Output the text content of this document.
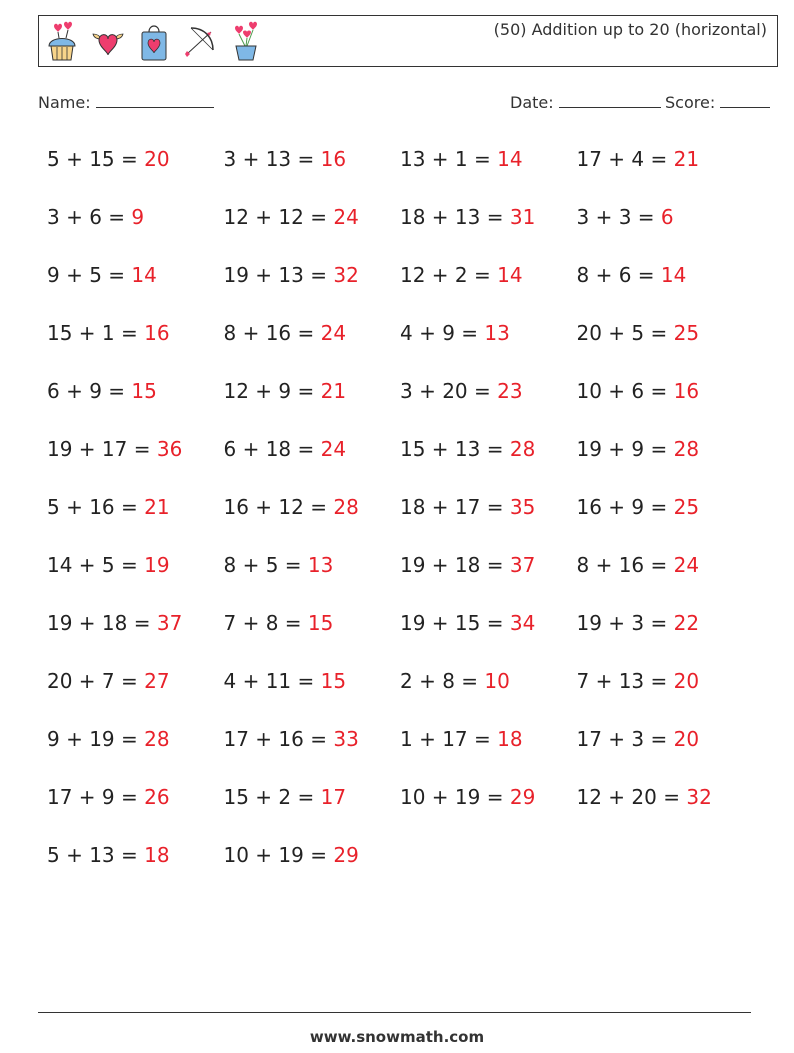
(50) Addition up to 20 (horizontal)
Name:	Date:	Score:
5 + 15 = 20
3 + 6 = 9
9 + 5 = 14
15 + 1 = 16
6 + 9 = 15
19 + 17 = 36
5 + 16 = 21
14 + 5 = 19
19 + 18 = 37
20 + 7 = 27
9 + 19 = 28
17 + 9 = 26
5 + 13 = 18
3 + 13 = 16
12 + 12 = 24
19 + 13 = 32
8 + 16 = 24
12 + 9 = 21
6 + 18 = 24
16 + 12 = 28
8 + 5 = 13
7 + 8 = 15
4 + 11 = 15
17 + 16 = 33
15 + 2 = 17
10 + 19 = 29
13 + 1 = 14
18 + 13 = 31
12 + 2 = 14
4 + 9 = 13
3 + 20 = 23
15 + 13 = 28
18 + 17 = 35
19 + 18 = 37
19 + 15 = 34
2 + 8 = 10
1 + 17 = 18
10 + 19 = 29
17 + 4 = 21
3 + 3 = 6
8 + 6 = 14
20 + 5 = 25
10 + 6 = 16
19 + 9 = 28
16 + 9 = 25
8 + 16 = 24
19 + 3 = 22
7 + 13 = 20
17 + 3 = 20
12 + 20 = 32
www.snowmath.com
